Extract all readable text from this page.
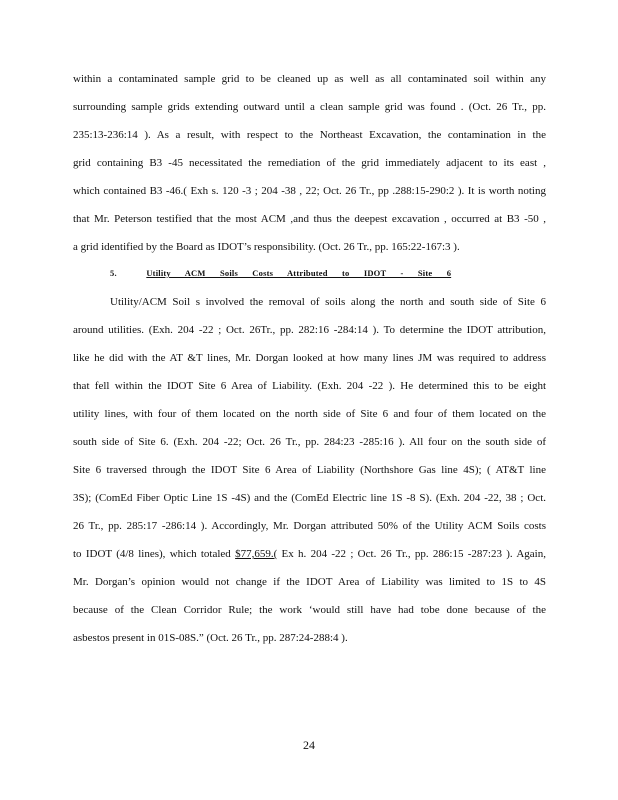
within a contaminated sample grid to be cleaned up as well as all contaminated soil within any
surrounding sample grids extending outward until a clean sample grid was found . (Oct. 26 Tr., pp.
235:13-236:14 ). As a result, with respect to the Northeast Excavation, the contamination in the
grid containing B3 -45 necessitated the remediation of the grid immediately adjacent to its east ,
which contained B3 -46.( Exh s. 120 -3 ; 204 -38 , 22; Oct. 26 Tr., pp .288:15-290:2 ). It is worth noting
that Mr. Peterson testified that the most ACM ,and thus the deepest excavation , occurred at B3 -50 ,
a grid identified by the Board as IDOT’s responsibility. (Oct. 26 Tr., pp. 165:22-167:3 ).
5.	Utility ACM Soils Costs Attributed to IDOT - Site 6
Utility/ACM Soil s involved the removal of soils along the north and south side of Site 6
around utilities. (Exh. 204 -22 ; Oct. 26Tr., pp. 282:16 -284:14 ). To determine the IDOT attribution,
like he did with the AT &T lines, Mr. Dorgan looked at how many lines JM was required to address
that fell within the IDOT Site 6 Area of Liability. (Exh. 204 -22 ). He determined this to be eight
utility lines, with four of them located on the north side of Site 6 and four of them located on the
south side of Site 6. (Exh. 204 -22; Oct. 26 Tr., pp. 284:23 -285:16 ). All four on the south side of
Site 6 traversed through the IDOT Site 6 Area of Liability (Northshore Gas line 4S); ( AT&T line
3S); (ComEd Fiber Optic Line 1S -4S) and the (ComEd Electric line 1S -8 S). (Exh. 204 -22, 38 ; Oct.
26 Tr., pp. 285:17 -286:14 ). Accordingly, Mr. Dorgan attributed 50% of the Utility ACM Soils costs
to IDOT (4/8 lines), which totaled $77,659.( Ex h. 204 -22 ; Oct. 26 Tr., pp. 286:15 -287:23 ). Again,
Mr. Dorgan’s opinion would not change if the IDOT Area of Liability was limited to 1S to 4S
because of the Clean Corridor Rule; the work ‘would still have had tobe done because of the
asbestos present in 01S-08S.” (Oct. 26 Tr., pp. 287:24-288:4 ).
24
